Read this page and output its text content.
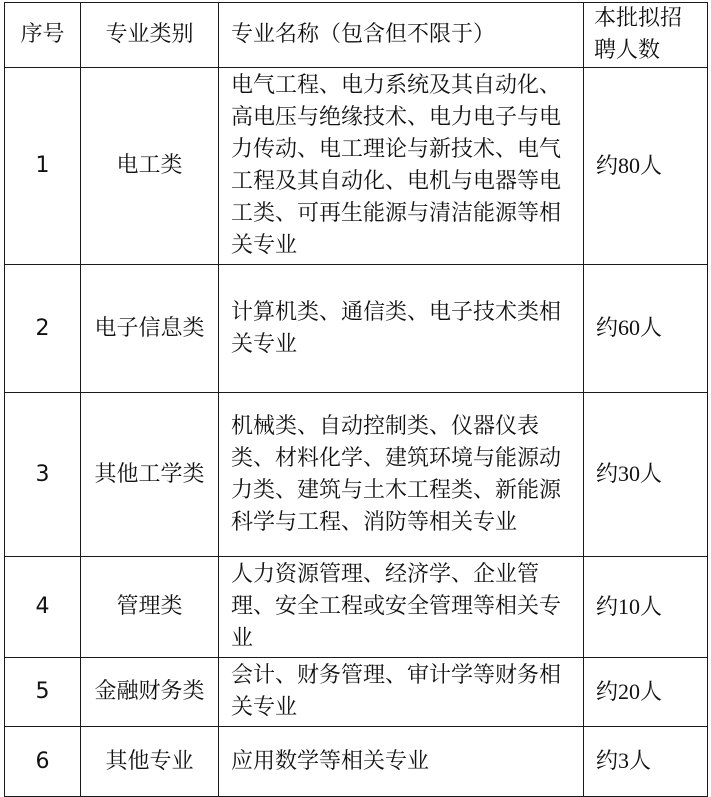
序号	专业类别	专业名称（包含但不限于）	本批拟招聘人数
1	电工类	电气工程、电力系统及其自动化、高电压与绝缘技术、电力电子与电力传动、电工理论与新技术、电气工程及其自动化、电机与电器等电工类、可再生能源与清洁能源等相关专业	约80人
2	电子信息类	计算机类、通信类、电子技术类相关专业	约60人
3	其他工学类	机械类、自动控制类、仪器仪表类、材料化学、建筑环境与能源动力类、建筑与土木工程类、新能源科学与工程、消防等相关专业	约30人
4	管理类	人力资源管理、经济学、企业管理、安全工程或安全管理等相关专业	约10人
5	金融财务类	会计、财务管理、审计学等财务相关专业	约20人
6	其他专业	应用数学等相关专业	约3人
